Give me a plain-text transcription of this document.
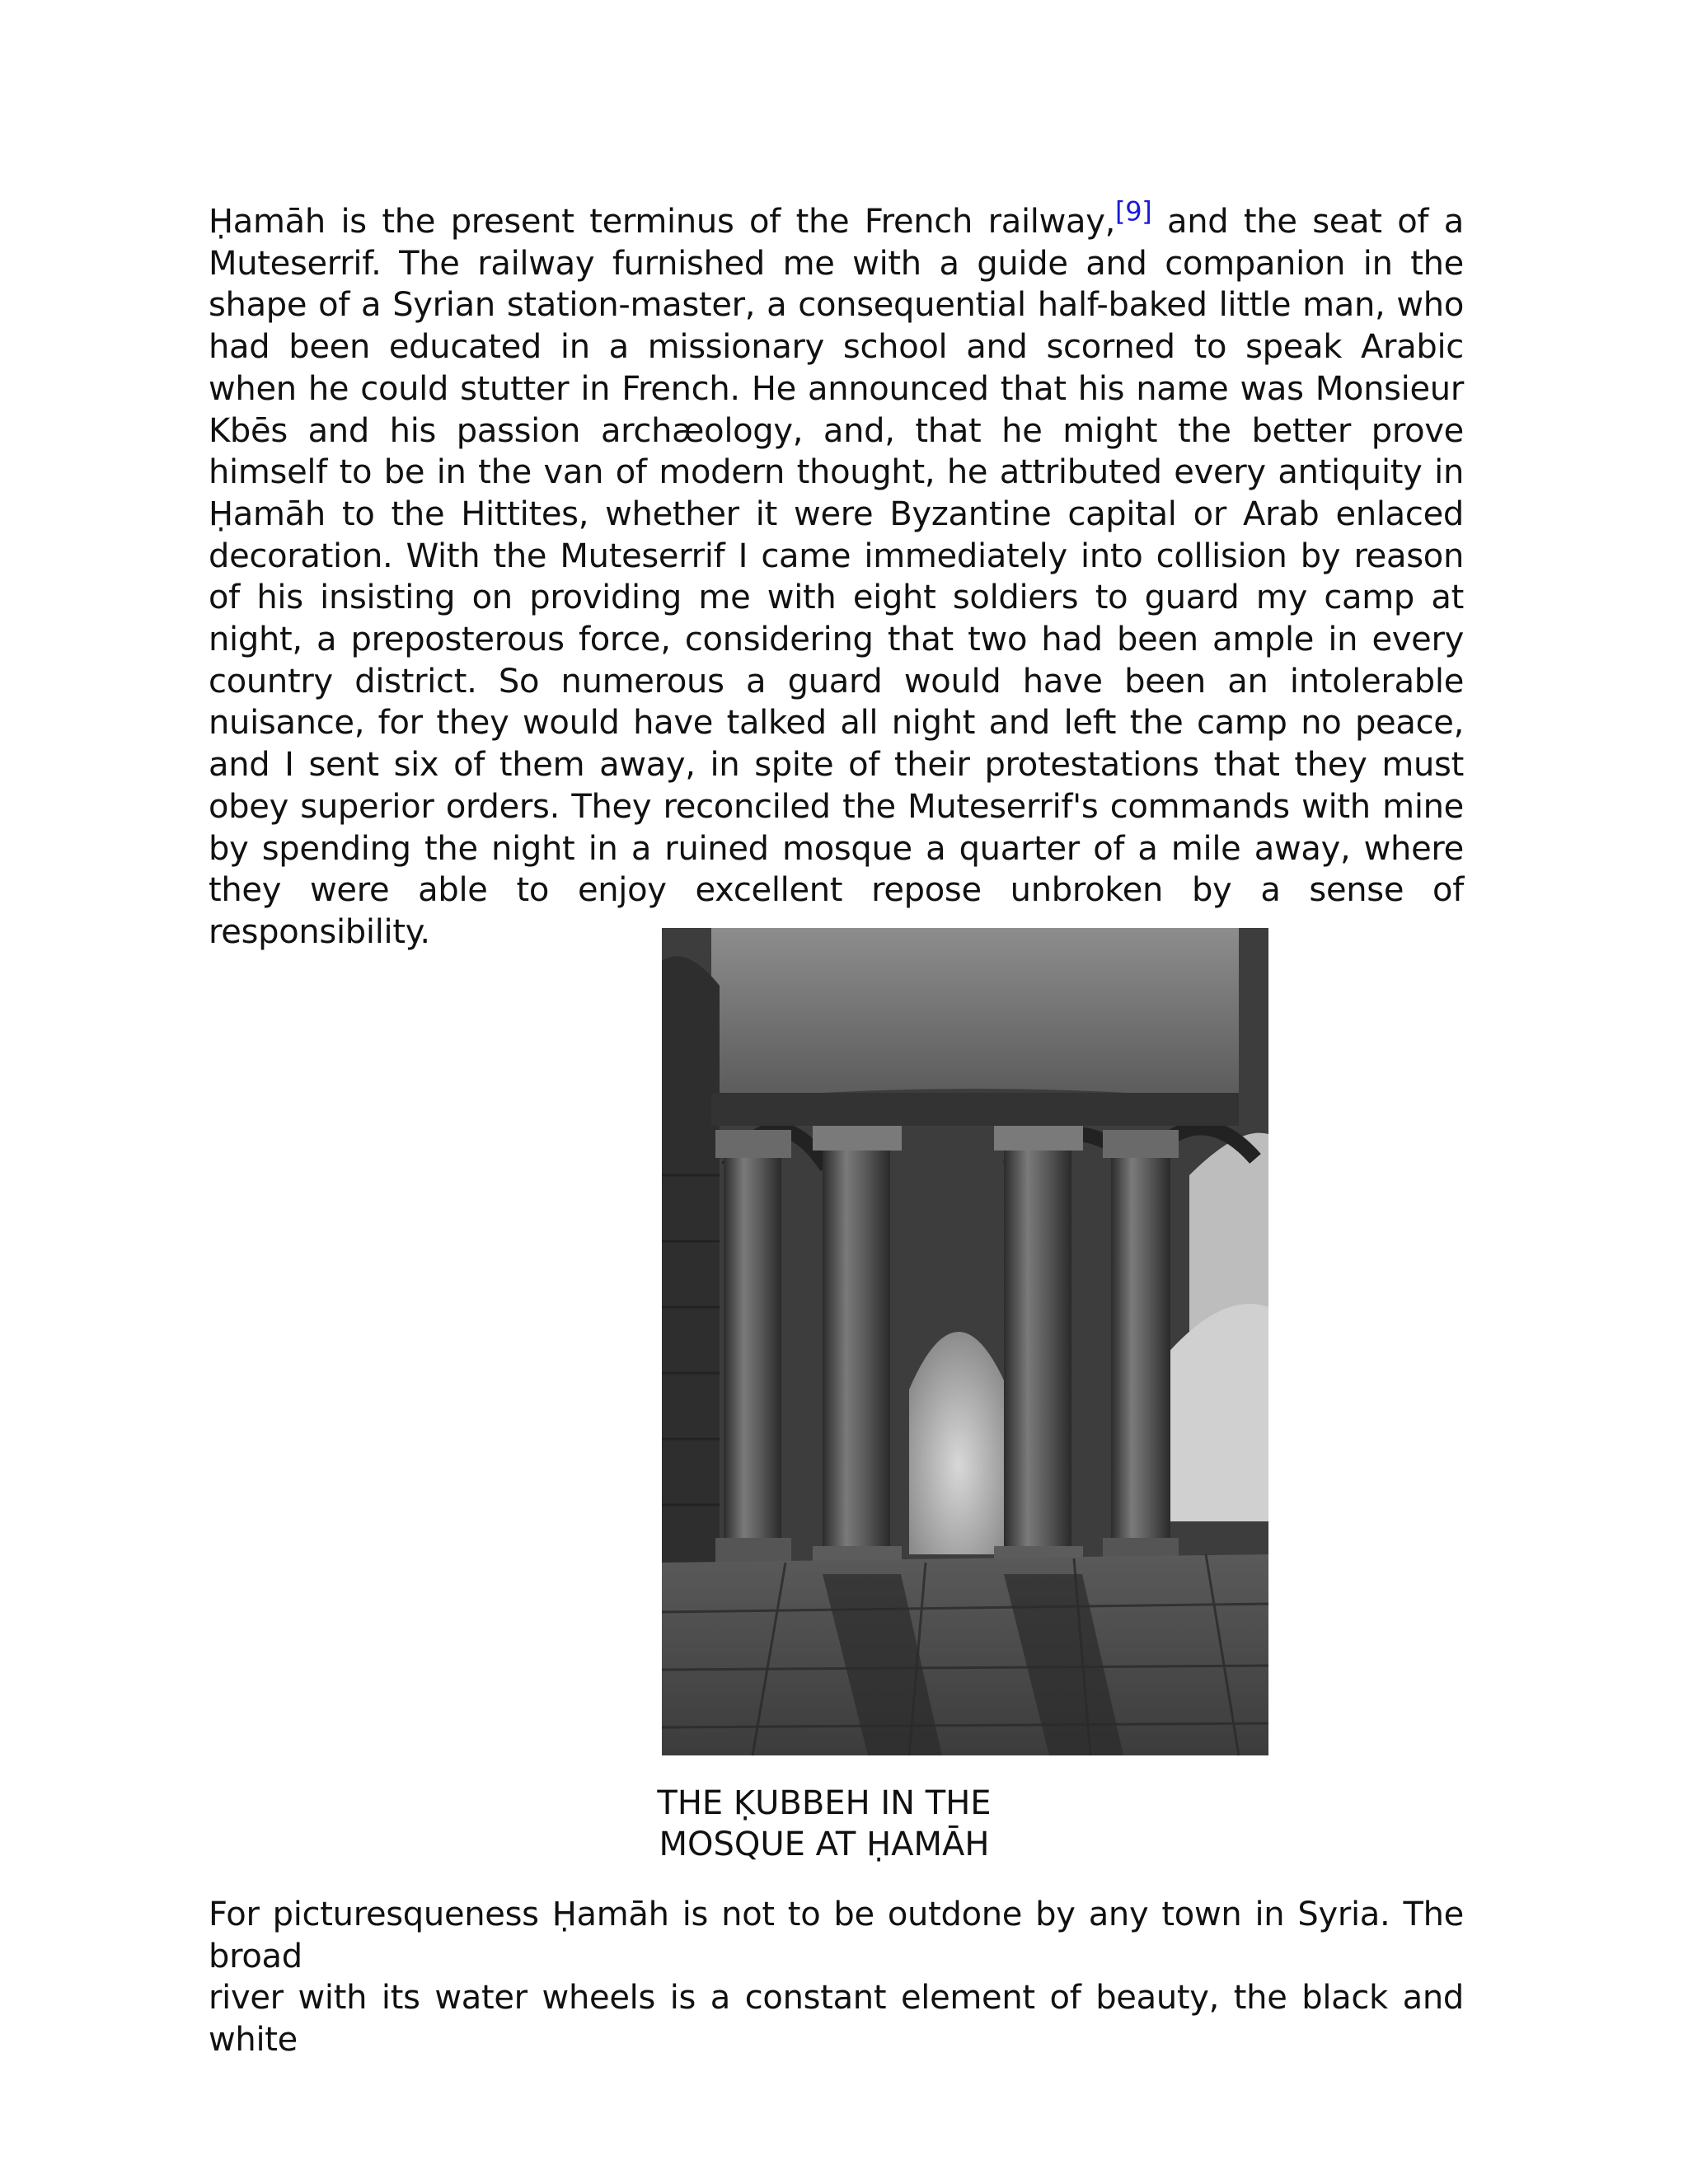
Ḥamāh is the present terminus of the French railway,[9] and the seat of a Muteserrif. The railway furnished me with a guide and companion in the shape of a Syrian station-master, a consequential half-baked little man, who had been educated in a missionary school and scorned to speak Arabic when he could stutter in French. He announced that his name was Monsieur Kbēs and his passion archæology, and, that he might the better prove himself to be in the van of modern thought, he attributed every antiquity in Ḥamāh to the Hittites, whether it were Byzantine capital or Arab enlaced decoration. With the Muteserrif I came immediately into collision by reason of his insisting on providing me with eight soldiers to guard my camp at night, a preposterous force, considering that two had been ample in every country district. So numerous a guard would have been an intolerable nuisance, for they would have talked all night and left the camp no peace, and I sent six of them away, in spite of their protestations that they must obey superior orders. They reconciled the Muteserrif's commands with mine by spending the night in a ruined mosque a quarter of a mile away, where they were able to enjoy excellent repose unbroken by a sense of responsibility.

THE ḲUBBEH IN THE
MOSQUE AT ḤAMĀH

For picturesqueness Ḥamāh is not to be outdone by any town in Syria. The broad
river with its water wheels is a constant element of beauty, the black and white
